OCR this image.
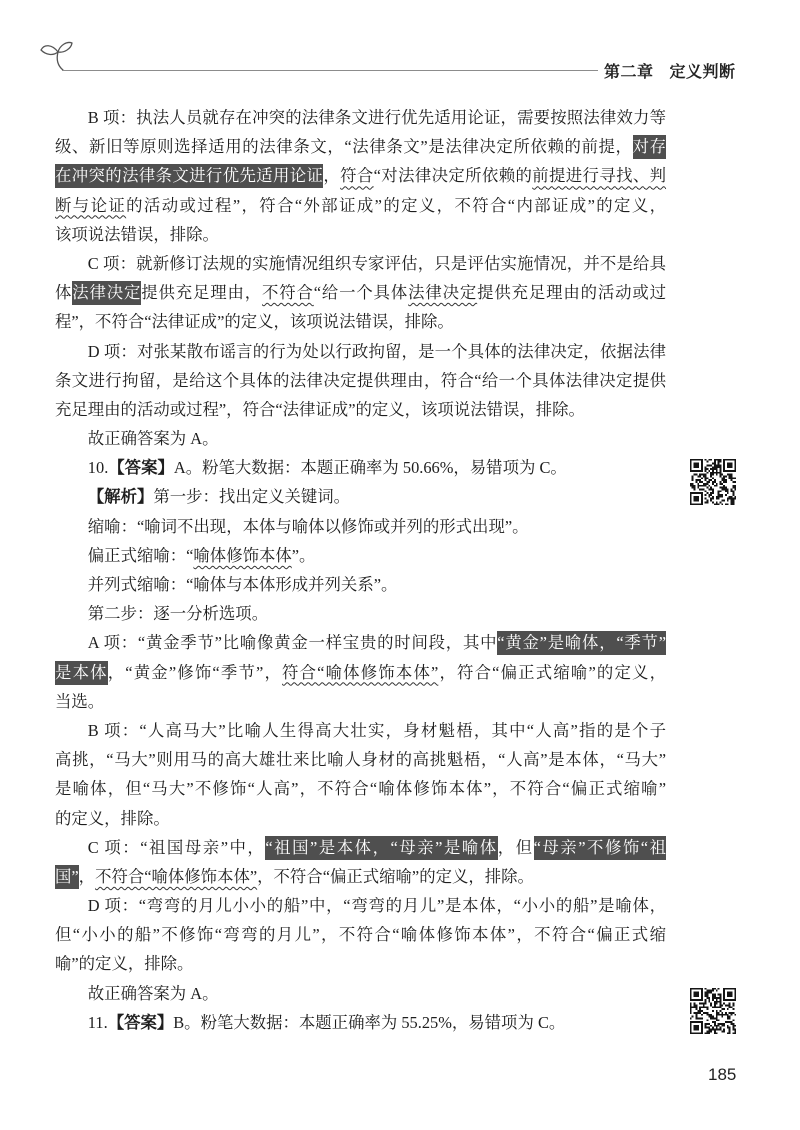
第二章 定义判断
B 项：执法人员就存在冲突的法律条文进行优先适用论证，需要按照法律效力等
级、新旧等原则选择适用的法律条文，“法律条文”是法律决定所依赖的前提，对存
在冲突的法律条文进行优先适用论证，符合“对法律决定所依赖的前提进行寻找、判
断与论证的活动或过程”，符合“外部证成”的定义，不符合“内部证成”的定义，
该项说法错误，排除。
C 项：就新修订法规的实施情况组织专家评估，只是评估实施情况，并不是给具
体法律决定提供充足理由，不符合“给一个具体法律决定提供充足理由的活动或过
程”，不符合“法律证成”的定义，该项说法错误，排除。
D 项：对张某散布谣言的行为处以行政拘留，是一个具体的法律决定，依据法律
条文进行拘留，是给这个具体的法律决定提供理由，符合“给一个具体法律决定提供
充足理由的活动或过程”，符合“法律证成”的定义，该项说法错误，排除。
故正确答案为 A。
10.【答案】A。粉笔大数据：本题正确率为 50.66%，易错项为 C。
【解析】第一步：找出定义关键词。
缩喻：“喻词不出现，本体与喻体以修饰或并列的形式出现”。
偏正式缩喻：“喻体修饰本体”。
并列式缩喻：“喻体与本体形成并列关系”。
第二步：逐一分析选项。
A 项：“黄金季节”比喻像黄金一样宝贵的时间段，其中“黄金”是喻体，“季节”
是本体，“黄金”修饰“季节”，符合“喻体修饰本体”，符合“偏正式缩喻”的定义，
当选。
B 项：“人高马大”比喻人生得高大壮实，身材魁梧，其中“人高”指的是个子
高挑，“马大”则用马的高大雄壮来比喻人身材的高挑魁梧，“人高”是本体，“马大”
是喻体，但“马大”不修饰“人高”，不符合“喻体修饰本体”，不符合“偏正式缩喻”
的定义，排除。
C 项：“祖国母亲”中，“祖国”是本体，“母亲”是喻体，但“母亲”不修饰“祖
国”，不符合“喻体修饰本体”，不符合“偏正式缩喻”的定义，排除。
D 项：“弯弯的月儿小小的船”中，“弯弯的月儿”是本体，“小小的船”是喻体，
但“小小的船”不修饰“弯弯的月儿”，不符合“喻体修饰本体”，不符合“偏正式缩
喻”的定义，排除。
故正确答案为 A。
11.【答案】B。粉笔大数据：本题正确率为 55.25%，易错项为 C。
185
